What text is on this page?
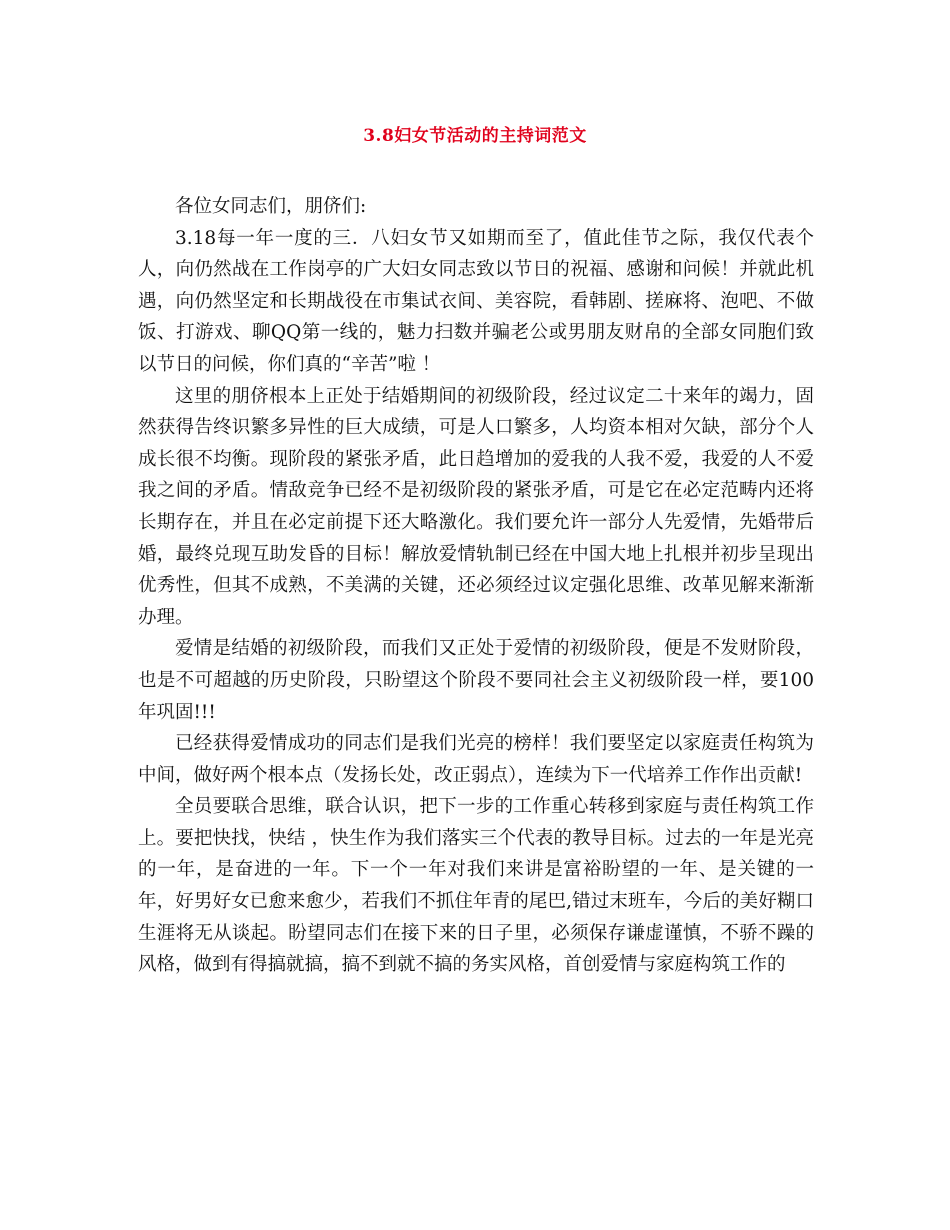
3.8妇女节活动的主持词范文

各位女同志们，朋侪们:

3.18每一年一度的三．八妇女节又如期而至了，值此佳节之际，我仅代表个人，向仍然战在工作岗亭的广大妇女同志致以节日的祝福、感谢和问候！并就此机遇，向仍然坚定和长期战役在市集试衣间、美容院，看韩剧、搓麻将、泡吧、不做饭、打游戏、聊QQ第一线的，魅力扫数并骗老公或男朋友财帛的全部女同胞们致以节日的问候，你们真的“辛苦”啦 ！

这里的朋侪根本上正处于结婚期间的初级阶段，经过议定二十来年的竭力，固然获得告终识繁多异性的巨大成绩，可是人口繁多，人均资本相对欠缺，部分个人成长很不均衡。现阶段的紧张矛盾，此日趋增加的爱我的人我不爱，我爱的人不爱我之间的矛盾。情敌竞争已经不是初级阶段的紧张矛盾，可是它在必定范畴内还将长期存在，并且在必定前提下还大略激化。我们要允许一部分人先爱情，先婚带后婚，最终兑现互助发昏的目标！解放爱情轨制已经在中国大地上扎根并初步呈现出优秀性，但其不成熟，不美满的关键，还必须经过议定强化思维、改革见解来渐渐办理。

爱情是结婚的初级阶段，而我们又正处于爱情的初级阶段，便是不发财阶段，也是不可超越的历史阶段，只盼望这个阶段不要同社会主义初级阶段一样，要100年巩固!!!

已经获得爱情成功的同志们是我们光亮的榜样！我们要坚定以家庭责任构筑为中间，做好两个根本点（发扬长处，改正弱点），连续为下一代培养工作作出贡献!

全员要联合思维，联合认识，把下一步的工作重心转移到家庭与责任构筑工作上。要把快找，快结 ，快生作为我们落实三个代表的教导目标。过去的一年是光亮的一年，是奋进的一年。下一个一年对我们来讲是富裕盼望的一年、是关键的一年，好男好女已愈来愈少，若我们不抓住年青的尾巴,错过末班车，今后的美好糊口生涯将无从谈起。盼望同志们在接下来的日子里，必须保存谦虚谨慎，不骄不躁的风格，做到有得搞就搞，搞不到就不搞的务实风格，首创爱情与家庭构筑工作的
